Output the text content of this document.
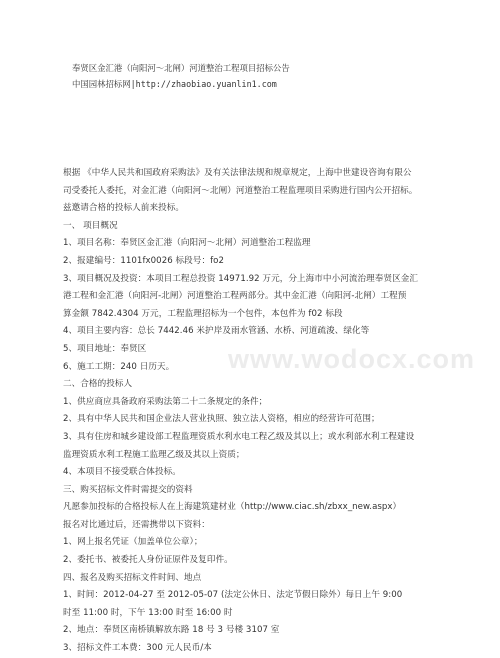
奉贤区金汇港（向阳河～北闸）河道整治工程项目招标公告
中国园林招标网|http://zhaobiao.yuanlin1.com

根据 《中华人民共和国政府采购法》及有关法律法规和规章规定，上海中世建设咨询有限公

司受委托人委托，对金汇港（向阳河～北闸）河道整治工程监理项目采购进行国内公开招标。

兹邀请合格的投标人前来投标。

一、 项目概况

1、项目名称：奉贤区金汇港（向阳河～北闸）河道整治工程监理

2、报建编号：1101fx0026 标段号：fo2

3、项目概况及投资：本项目工程总投资 14971.92 万元，分上海市中小河流治理奉贤区金汇

港工程和金汇港（向阳河-北闸）河道整治工程两部分。其中金汇港（向阳河-北闸）工程预

算金额 7842.4304 万元，工程监理招标为一个包件，本包件为 f02 标段

4、项目主要内容：总长 7442.46 米护岸及雨水管涵、水桥、河道疏浚、绿化等

5、项目地址：奉贤区

6、施工工期：240 日历天。

二、合格的投标人

1、供应商应具备政府采购法第二十二条规定的条件；

2、具有中华人民共和国企业法人营业执照、独立法人资格，相应的经营许可范围；

3、具有住房和城乡建设部工程监理资质水利水电工程乙级及其以上；或水利部水利工程建设

监理资质水利工程施工监理乙级及其以上资质；

4、本项目不接受联合体投标。

三、购买招标文件时需提交的资料

凡愿参加投标的合格投标人在上海建筑建材业（http://www.ciac.sh/zbxx_new.aspx）

报名对比通过后，还需携带以下资料：

1、网上报名凭证（加盖单位公章）；

2、委托书、被委托人身份证原件及复印件。

四、报名及购买招标文件时间、地点

1、时间：2012-04-27 至 2012-05-07 (法定公休日、法定节假日除外）每日上午 9:00

时至 11:00 时，下午 13:00 时至 16:00 时

2、地点：奉贤区南桥镇解放东路 18 号 3 号楼 3107 室

3、招标文件工本费：300 元人民币/本

www.wodocx.com
